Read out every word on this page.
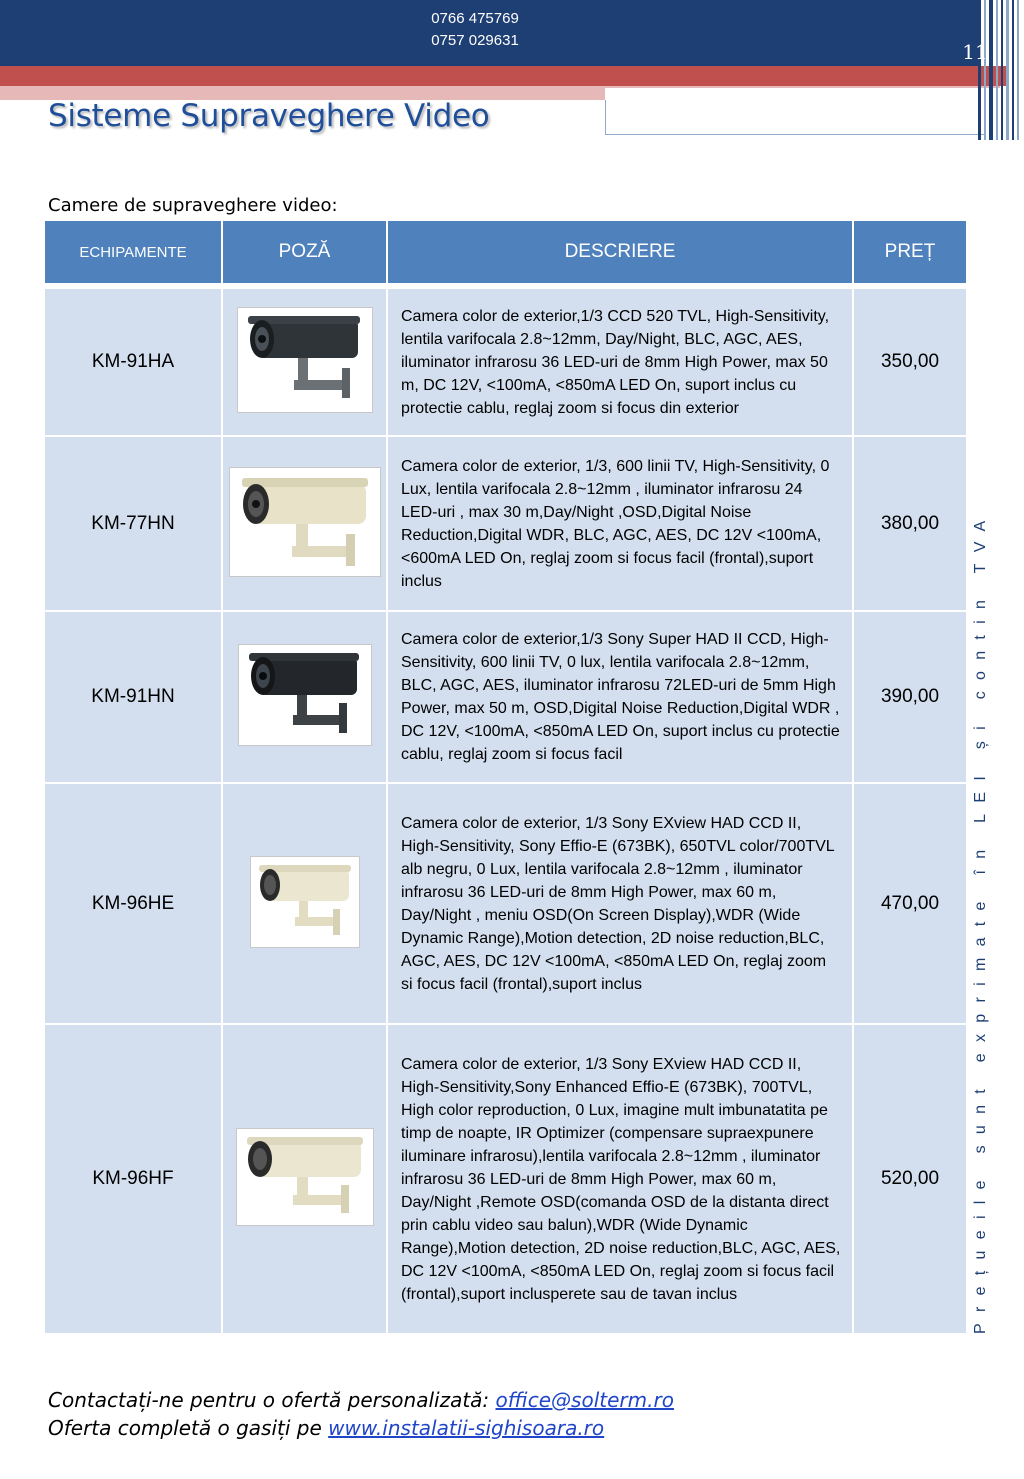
0766 475769
0757 029631	11
Sisteme Supraveghere Video
Camere de supraveghere video:
ECHIPAMENTE	POZĂ	DESCRIERE	PREȚ

KM-91HA		Camera color de exterior,1/3 CCD 520 TVL, High-Sensitivity, lentila varifocala 2.8~12mm, Day/Night, BLC, AGC, AES, iluminator infrarosu 36 LED-uri de 8mm High Power, max 50 m, DC 12V, <100mA, <850mA LED On, suport inclus cu protectie cablu, reglaj zoom si focus din exterior	350,00
KM-77HN		Camera color de exterior, 1/3, 600 linii TV, High-Sensitivity, 0 Lux, lentila varifocala 2.8~12mm , iluminator infrarosu 24 LED-uri , max 30 m,Day/Night ,OSD,Digital Noise Reduction,Digital WDR, BLC, AGC, AES, DC 12V <100mA, <600mA LED On, reglaj zoom si focus facil (frontal),suport inclus	380,00
KM-91HN		Camera color de exterior,1/3 Sony Super HAD II CCD, High-Sensitivity, 600 linii TV, 0 lux, lentila varifocala 2.8~12mm, BLC, AGC, AES, iluminator infrarosu 72LED-uri de 5mm High Power, max 50 m, OSD,Digital Noise Reduction,Digital WDR , DC 12V, <100mA, <850mA LED On, suport inclus cu protectie cablu, reglaj zoom si focus facil	390,00
KM-96HE		Camera color de exterior, 1/3 Sony EXview HAD CCD II, High-Sensitivity, Sony Effio-E (673BK), 650TVL color/700TVL alb negru, 0 Lux, lentila varifocala 2.8~12mm , iluminator infrarosu 36 LED-uri de 8mm High Power, max 60 m, Day/Night , meniu OSD(On Screen Display),WDR (Wide Dynamic Range),Motion detection, 2D noise reduction,BLC, AGC, AES, DC 12V <100mA, <850mA LED On, reglaj zoom si focus facil (frontal),suport inclus	470,00
KM-96HF		Camera color de exterior, 1/3 Sony EXview HAD CCD II, High-Sensitivity,Sony Enhanced Effio-E (673BK), 700TVL, High color reproduction, 0 Lux, imagine mult imbunatatita pe timp de noapte, IR Optimizer (compensare supraexpunere iluminare infrarosu),lentila varifocala 2.8~12mm , iluminator infrarosu 36 LED-uri de 8mm High Power, max 60 m, Day/Night ,Remote OSD(comanda OSD de la distanta direct prin cablu video sau balun),WDR (Wide Dynamic Range),Motion detection, 2D noise reduction,BLC, AGC, AES, DC 12V <100mA, <850mA LED On, reglaj zoom si focus facil (frontal),suport inclusperete sau de tavan inclus	520,00	Prețueile sunt exprimate în LEI și contin TVA
Contactați-ne pentru o ofertă personalizată: office@solterm.ro
Oferta completă o gasiți pe www.instalatii-sighisoara.ro
